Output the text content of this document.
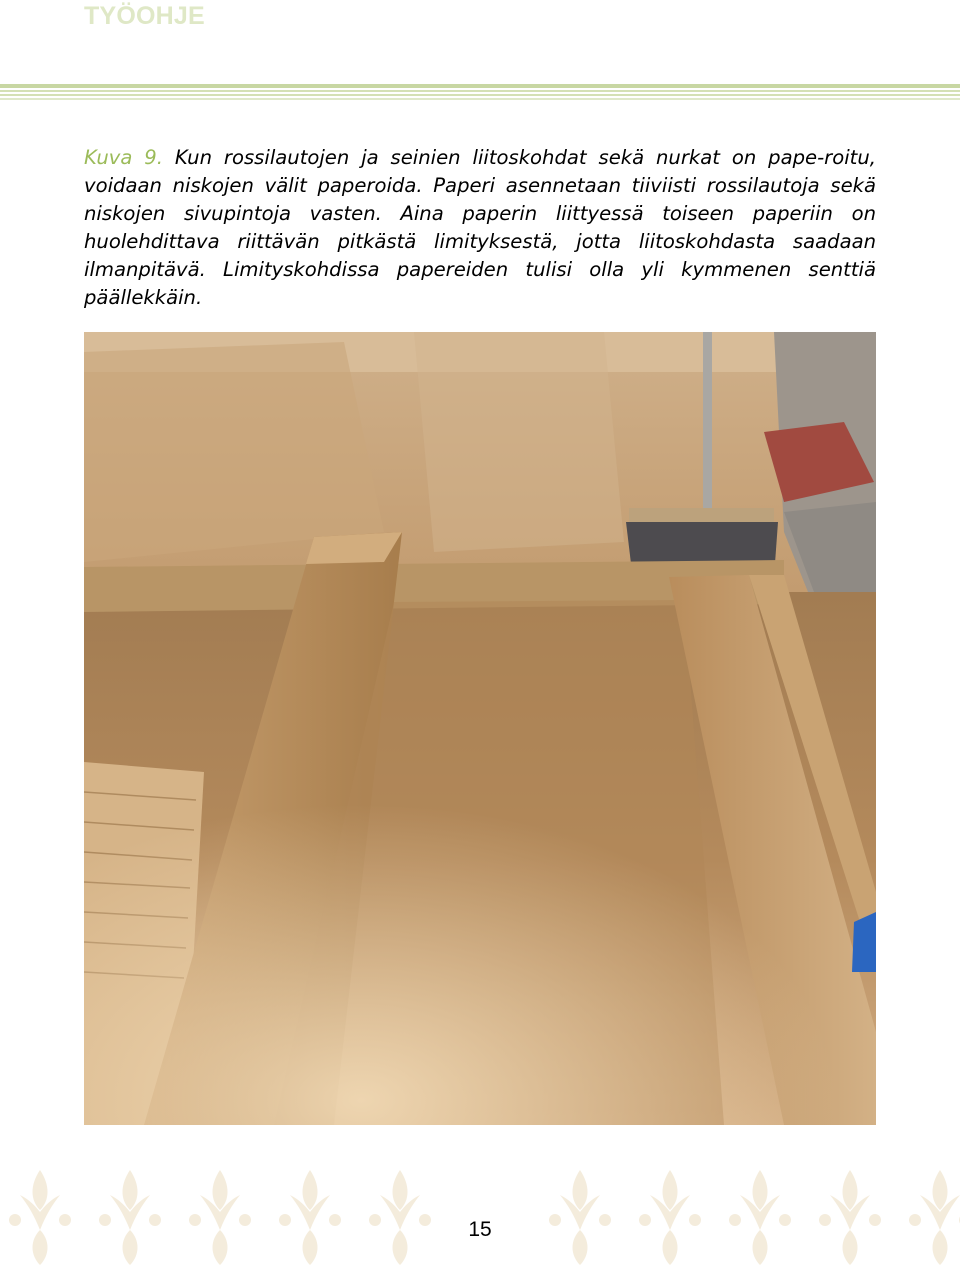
TYÖOHJE

Kuva 9. Kun rossilautojen ja seinien liitoskohdat sekä nurkat on pape-roitu, voidaan niskojen välit paperoida. Paperi asennetaan tiiviisti rossilautoja sekä niskojen sivupintoja vasten. Aina paperin liittyessä toiseen paperiin on huolehdittava riittävän pitkästä limityksestä, jotta liitoskohdasta saadaan ilmanpitävä. Limityskohdissa papereiden tulisi olla yli kymmenen senttiä päällekkäin.

15
